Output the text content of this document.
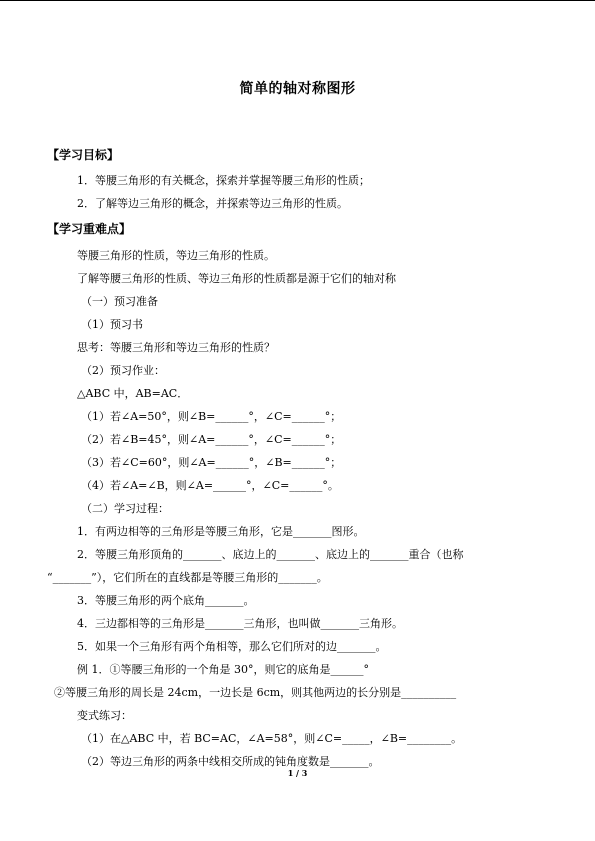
简单的轴对称图形
【学习目标】
1．等腰三角形的有关概念，探索并掌握等腰三角形的性质；
2．了解等边三角形的概念，并探索等边三角形的性质。
【学习重难点】
等腰三角形的性质，等边三角形的性质。
了解等腰三角形的性质、等边三角形的性质都是源于它们的轴对称
（一）预习准备
（1）预习书
思考：等腰三角形和等边三角形的性质？
（2）预习作业：
△ABC 中，AB=AC．
（1）若∠A=50°，则∠B=______°，∠C=______°；
（2）若∠B=45°，则∠A=______°，∠C=______°；
（3）若∠C=60°，则∠A=______°，∠B=______°；
（4）若∠A=∠B，则∠A=______°，∠C=______°。
（二）学习过程：
1．有两边相等的三角形是等腰三角形，它是_______图形。
2．等腰三角形顶角的_______、底边上的_______、底边上的_______重合（也称
“_______”），它们所在的直线都是等腰三角形的_______。
3．等腰三角形的两个底角_______。
4．三边都相等的三角形是_______三角形，也叫做_______三角形。
5．如果一个三角形有两个角相等，那么它们所对的边_______。
例 1．①等腰三角形的一个角是 30°，则它的底角是______°
②等腰三角形的周长是 24cm，一边长是 6cm，则其他两边的长分别是__________
变式练习：
（1）在△ABC 中，若 BC=AC，∠A=58°，则∠C=_____，∠B=________。
（2）等边三角形的两条中线相交所成的钝角度数是_______。
1 / 3
